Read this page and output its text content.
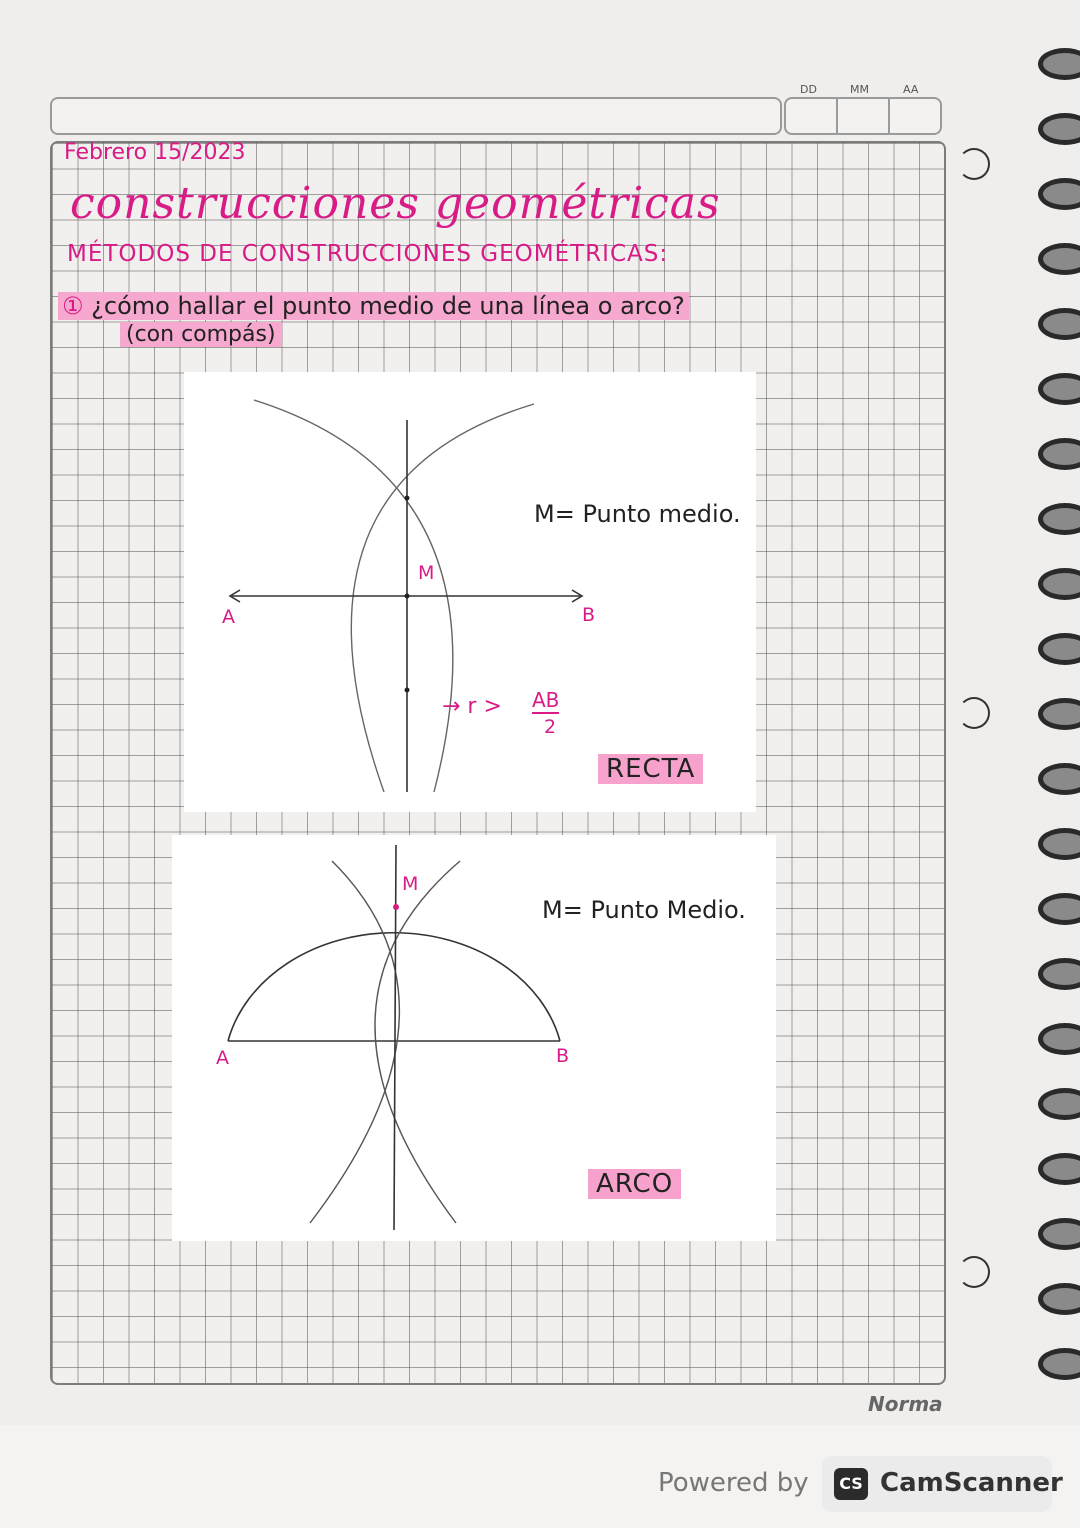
DD	MM	AA
Febrero 15/2023
construcciones geométricas
MÉTODOS DE CONSTRUCCIONES GEOMÉTRICAS:
① ¿cómo hallar el punto medio de una línea o arco?
(con compás)
M
A	B
M= Punto medio.
→ r > AB
2
RECTA
M
A	B
M= Punto Medio.
ARCO
Norma
Powered by	CS CamScanner
